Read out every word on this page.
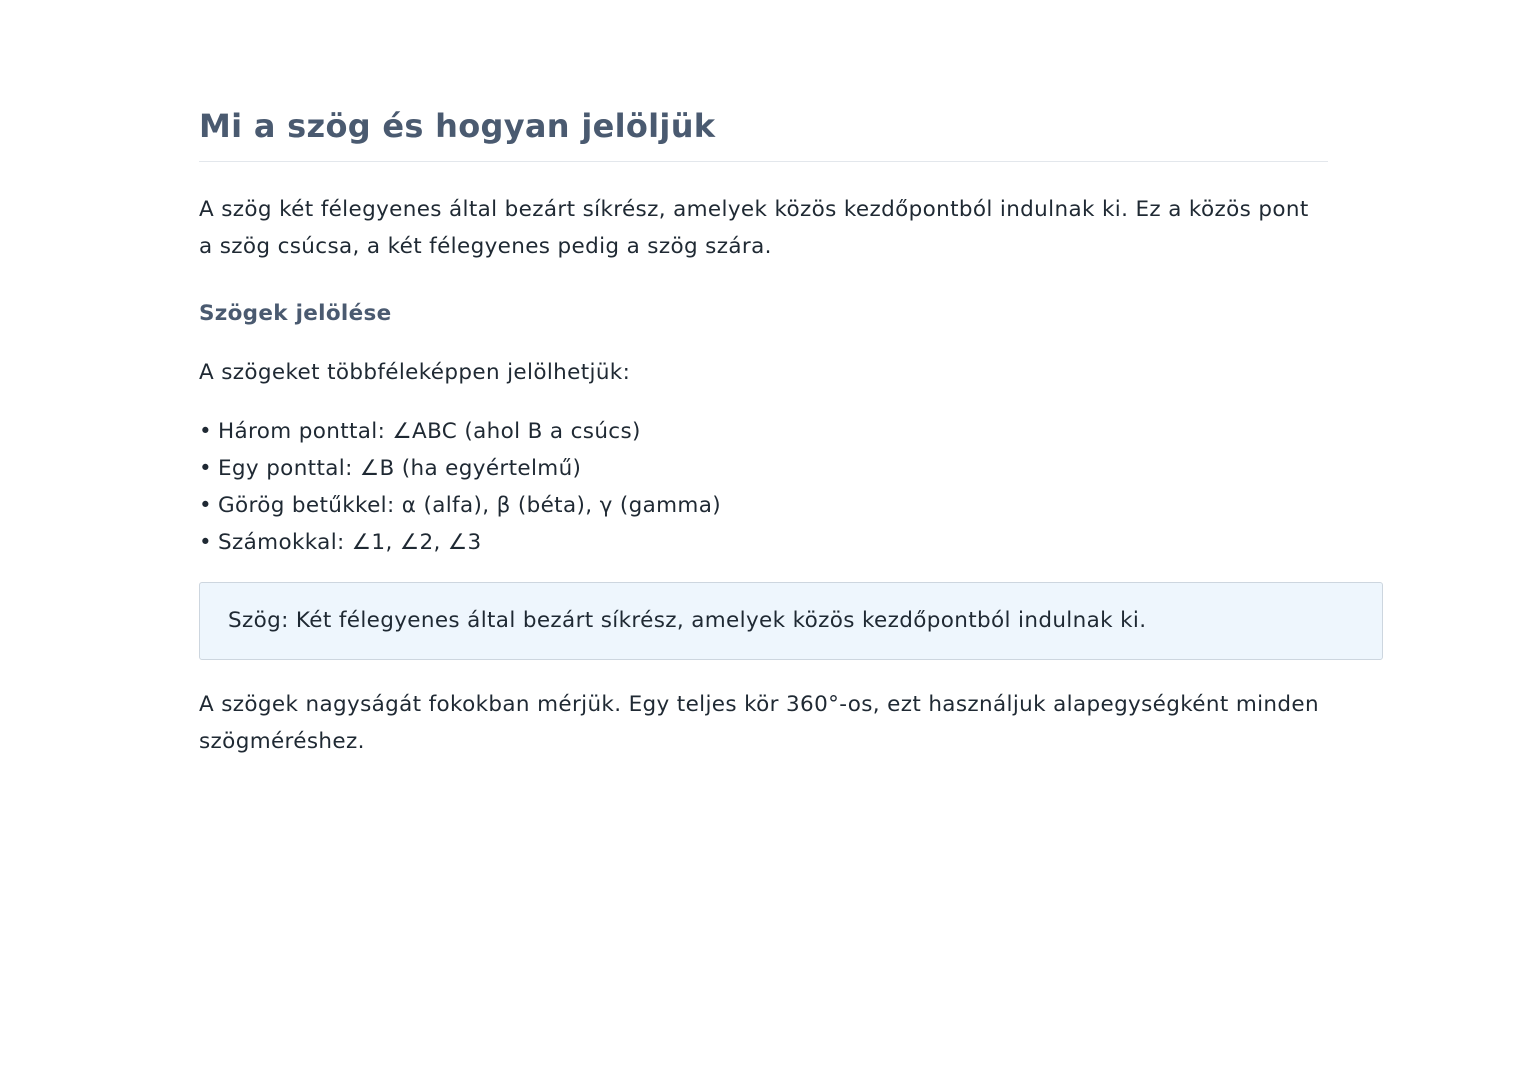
Mi a szög és hogyan jelöljük

A szög két félegyenes által bezárt síkrész, amelyek közös kezdőpontból indulnak ki. Ez a közös pont a szög csúcsa, a két félegyenes pedig a szög szára.

Szögek jelölése

A szögeket többféleképpen jelölhetjük:

• Három ponttal: ∠ABC (ahol B a csúcs)
• Egy ponttal: ∠B (ha egyértelmű)
• Görög betűkkel: α (alfa), β (béta), γ (gamma)
• Számokkal: ∠1, ∠2, ∠3
Szög: Két félegyenes által bezárt síkrész, amelyek közös kezdőpontból indulnak ki.

A szögek nagyságát fokokban mérjük. Egy teljes kör 360°-os, ezt használjuk alapegységként minden szögméréshez.
